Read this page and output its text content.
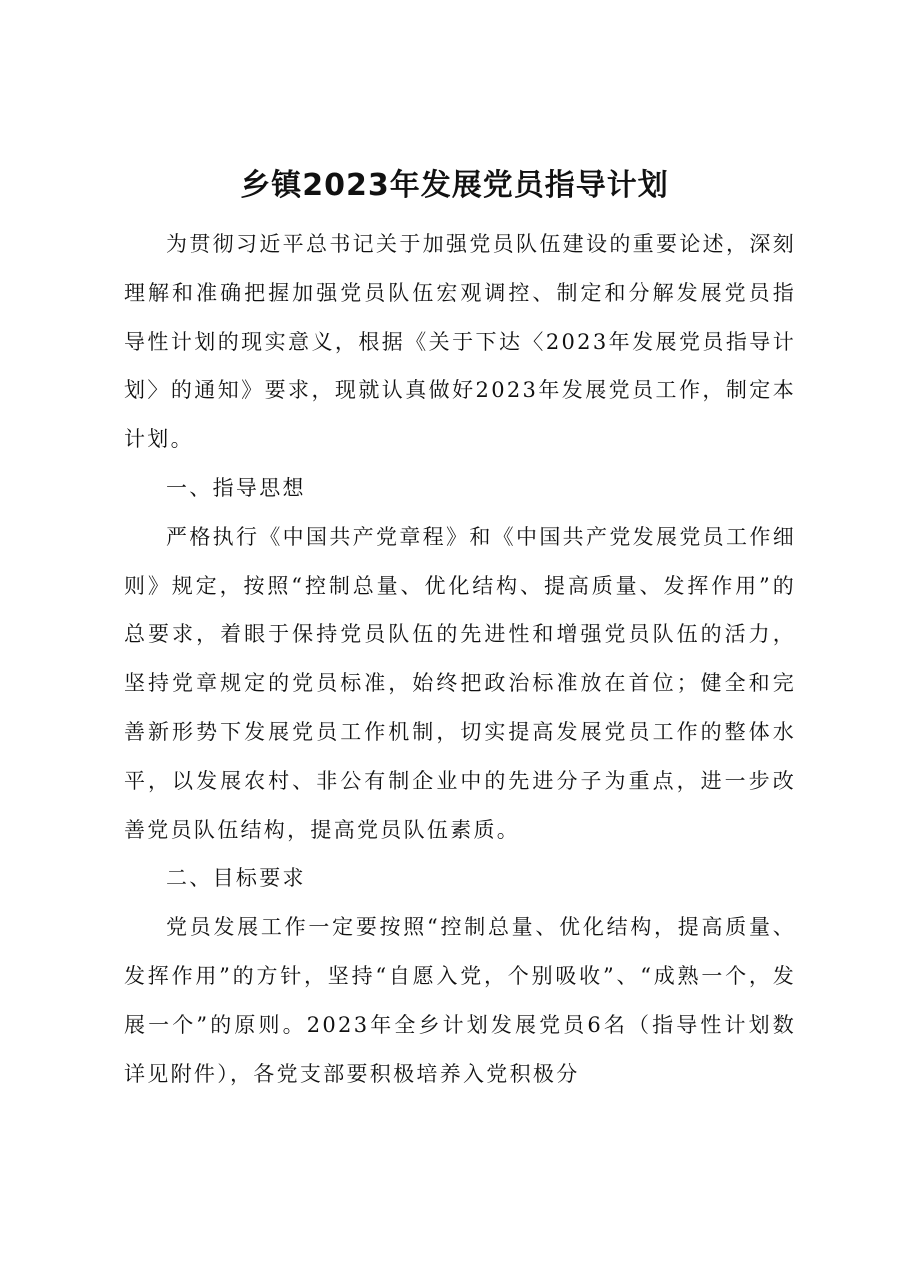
乡镇2023年发展党员指导计划

为贯彻习近平总书记关于加强党员队伍建设的重要论述，深刻理解和准确把握加强党员队伍宏观调控、制定和分解发展党员指导性计划的现实意义，根据《关于下达〈2023年发展党员指导计划〉的通知》要求，现就认真做好2023年发展党员工作，制定本计划。

一、指导思想

严格执行《中国共产党章程》和《中国共产党发展党员工作细则》规定，按照“控制总量、优化结构、提高质量、发挥作用”的总要求，着眼于保持党员队伍的先进性和增强党员队伍的活力，坚持党章规定的党员标准，始终把政治标准放在首位；健全和完善新形势下发展党员工作机制，切实提高发展党员工作的整体水平，以发展农村、非公有制企业中的先进分子为重点，进一步改善党员队伍结构，提高党员队伍素质。

二、目标要求

党员发展工作一定要按照“控制总量、优化结构，提高质量、发挥作用”的方针，坚持“自愿入党，个别吸收”、“成熟一个，发展一个”的原则。2023年全乡计划发展党员6名（指导性计划数详见附件），各党支部要积极培养入党积极分
